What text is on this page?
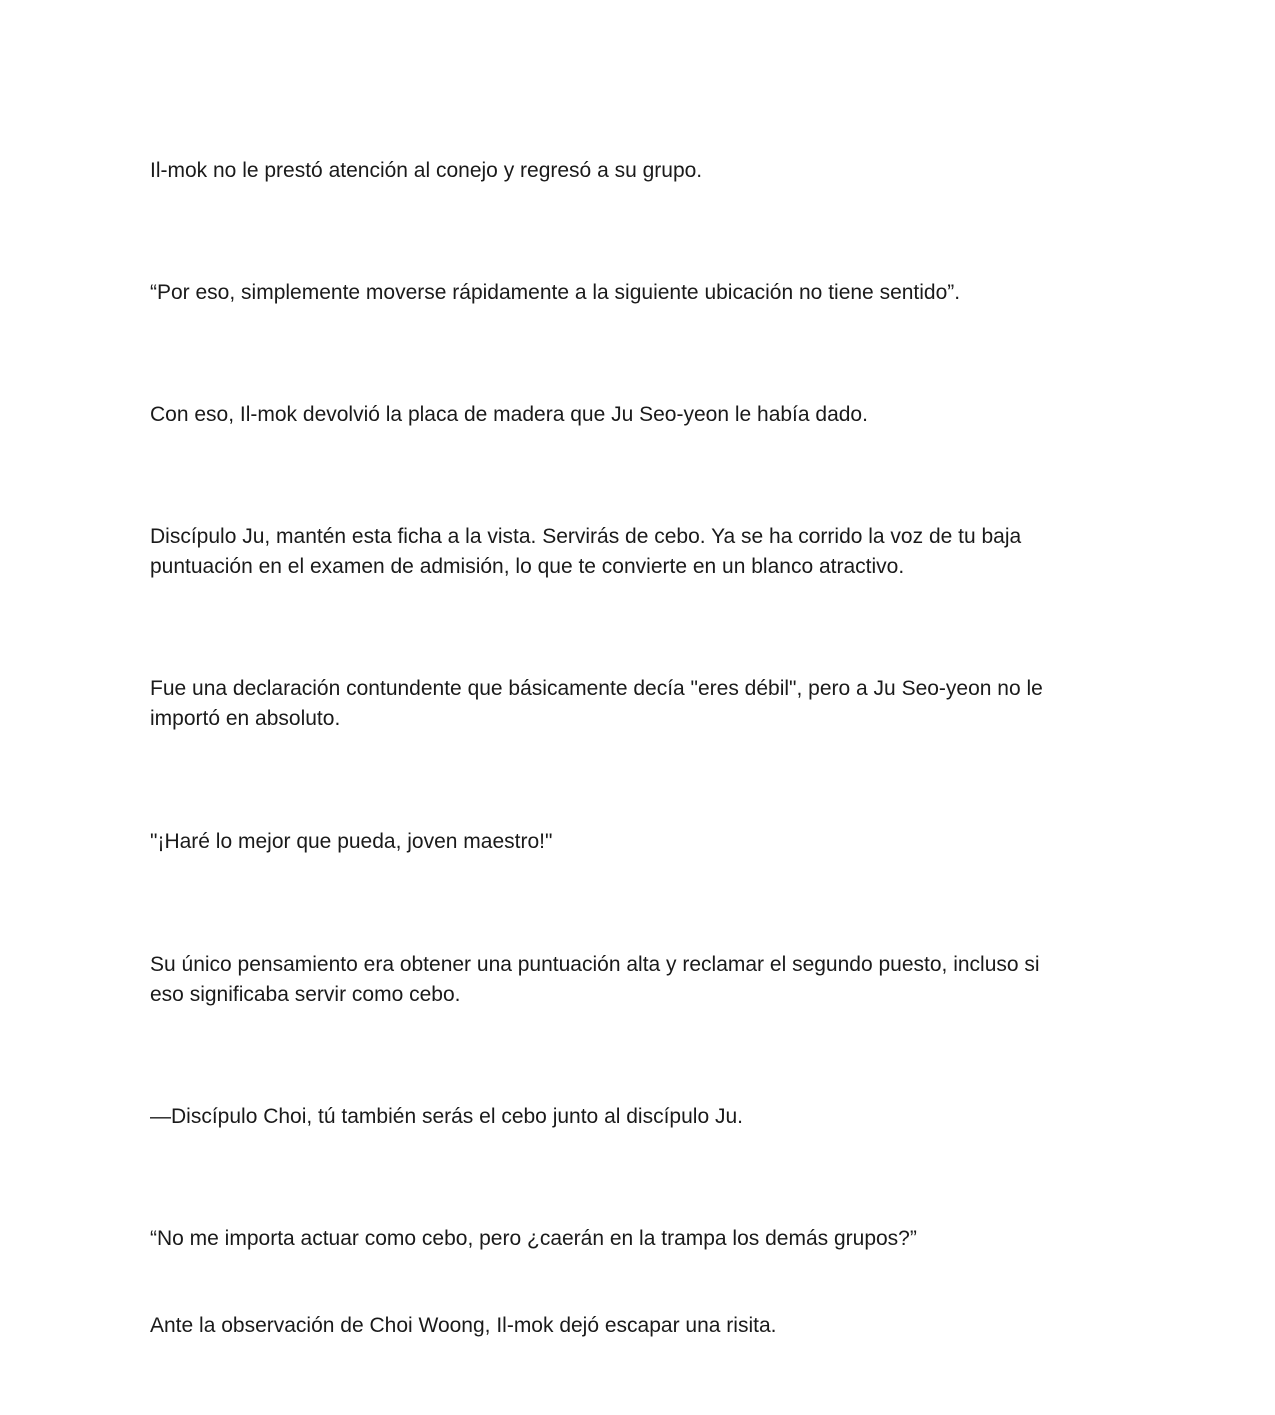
Il-mok no le prestó atención al conejo y regresó a su grupo.

“Por eso, simplemente moverse rápidamente a la siguiente ubicación no tiene sentido”.

Con eso, Il-mok devolvió la placa de madera que Ju Seo-yeon le había dado.

Discípulo Ju, mantén esta ficha a la vista. Servirás de cebo. Ya se ha corrido la voz de tu baja
puntuación en el examen de admisión, lo que te convierte en un blanco atractivo.

Fue una declaración contundente que básicamente decía "eres débil", pero a Ju Seo-yeon no le
importó en absoluto.

"¡Haré lo mejor que pueda, joven maestro!"

Su único pensamiento era obtener una puntuación alta y reclamar el segundo puesto, incluso si
eso significaba servir como cebo.

—Discípulo Choi, tú también serás el cebo junto al discípulo Ju.

“No me importa actuar como cebo, pero ¿caerán en la trampa los demás grupos?”

Ante la observación de Choi Woong, Il-mok dejó escapar una risita.
